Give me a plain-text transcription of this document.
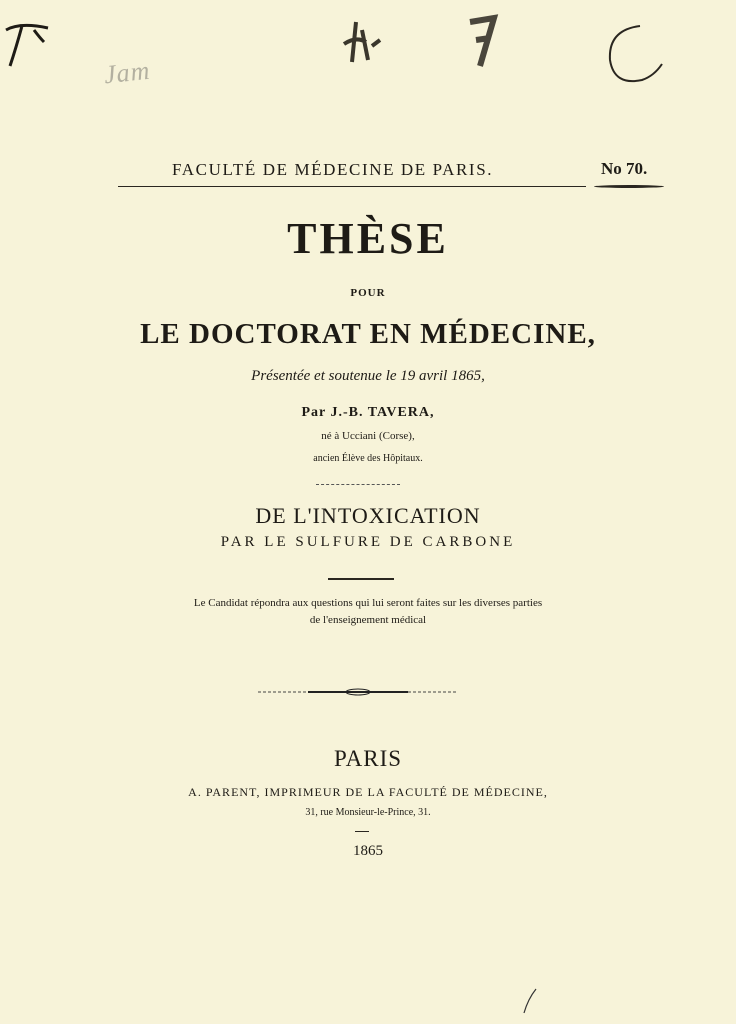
Jam
FACULTÉ DE MÉDECINE DE PARIS.	No 70.
THÈSE
POUR
LE DOCTORAT EN MÉDECINE,
Présentée et soutenue le 19 avril 1865,
Par J.-B. TAVERA,
né à Ucciani (Corse),
ancien Élève des Hôpitaux.
DE L'INTOXICATION
PAR LE SULFURE DE CARBONE
Le Candidat répondra aux questions qui lui seront faites sur les diverses parties
de l'enseignement médical
PARIS
A. PARENT, IMPRIMEUR DE LA FACULTÉ DE MÉDECINE,
31, rue Monsieur-le-Prince, 31.
1865
